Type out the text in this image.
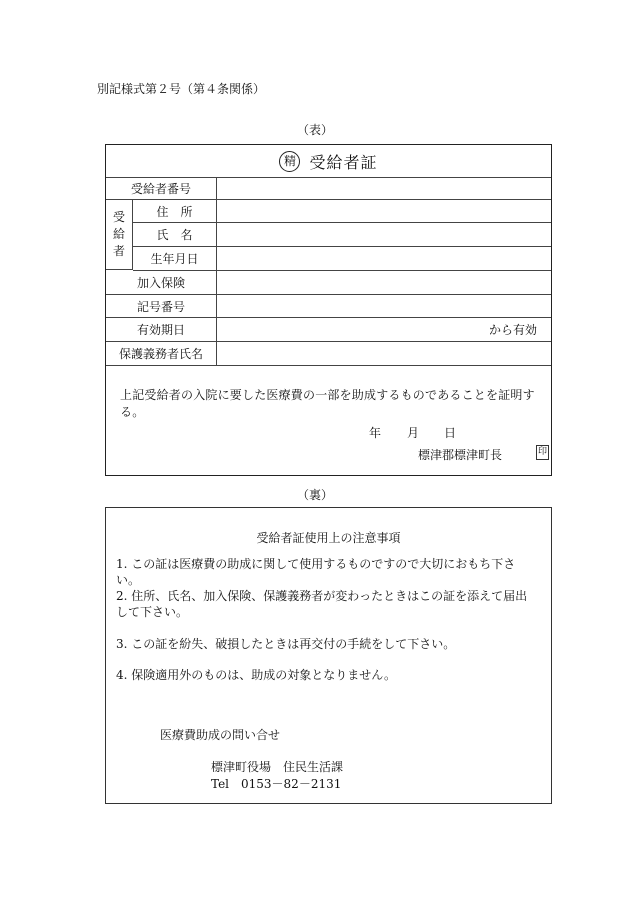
別記様式第２号（第４条関係）
（表）
精 受給者証
受給者番号
受
給
者
住　所
氏　名
生年月日
加入保険
記号番号
有効期日	から有効
保護義務者氏名
上記受給者の入院に要した医療費の一部を助成するものであることを証明する。
年 月 日
標津郡標津町長	印
（裏）
受給者証使用上の注意事項
1. この証は医療費の助成に関して使用するものですので大切におもち下さい。
2. 住所、氏名、加入保険、保護義務者が変わったときはこの証を添えて届出して下さい。
3. この証を紛失、破損したときは再交付の手続をして下さい。
4. 保険適用外のものは、助成の対象となりません。
医療費助成の問い合せ
標津町役場　住民生活課
Tel　0153－82－2131
